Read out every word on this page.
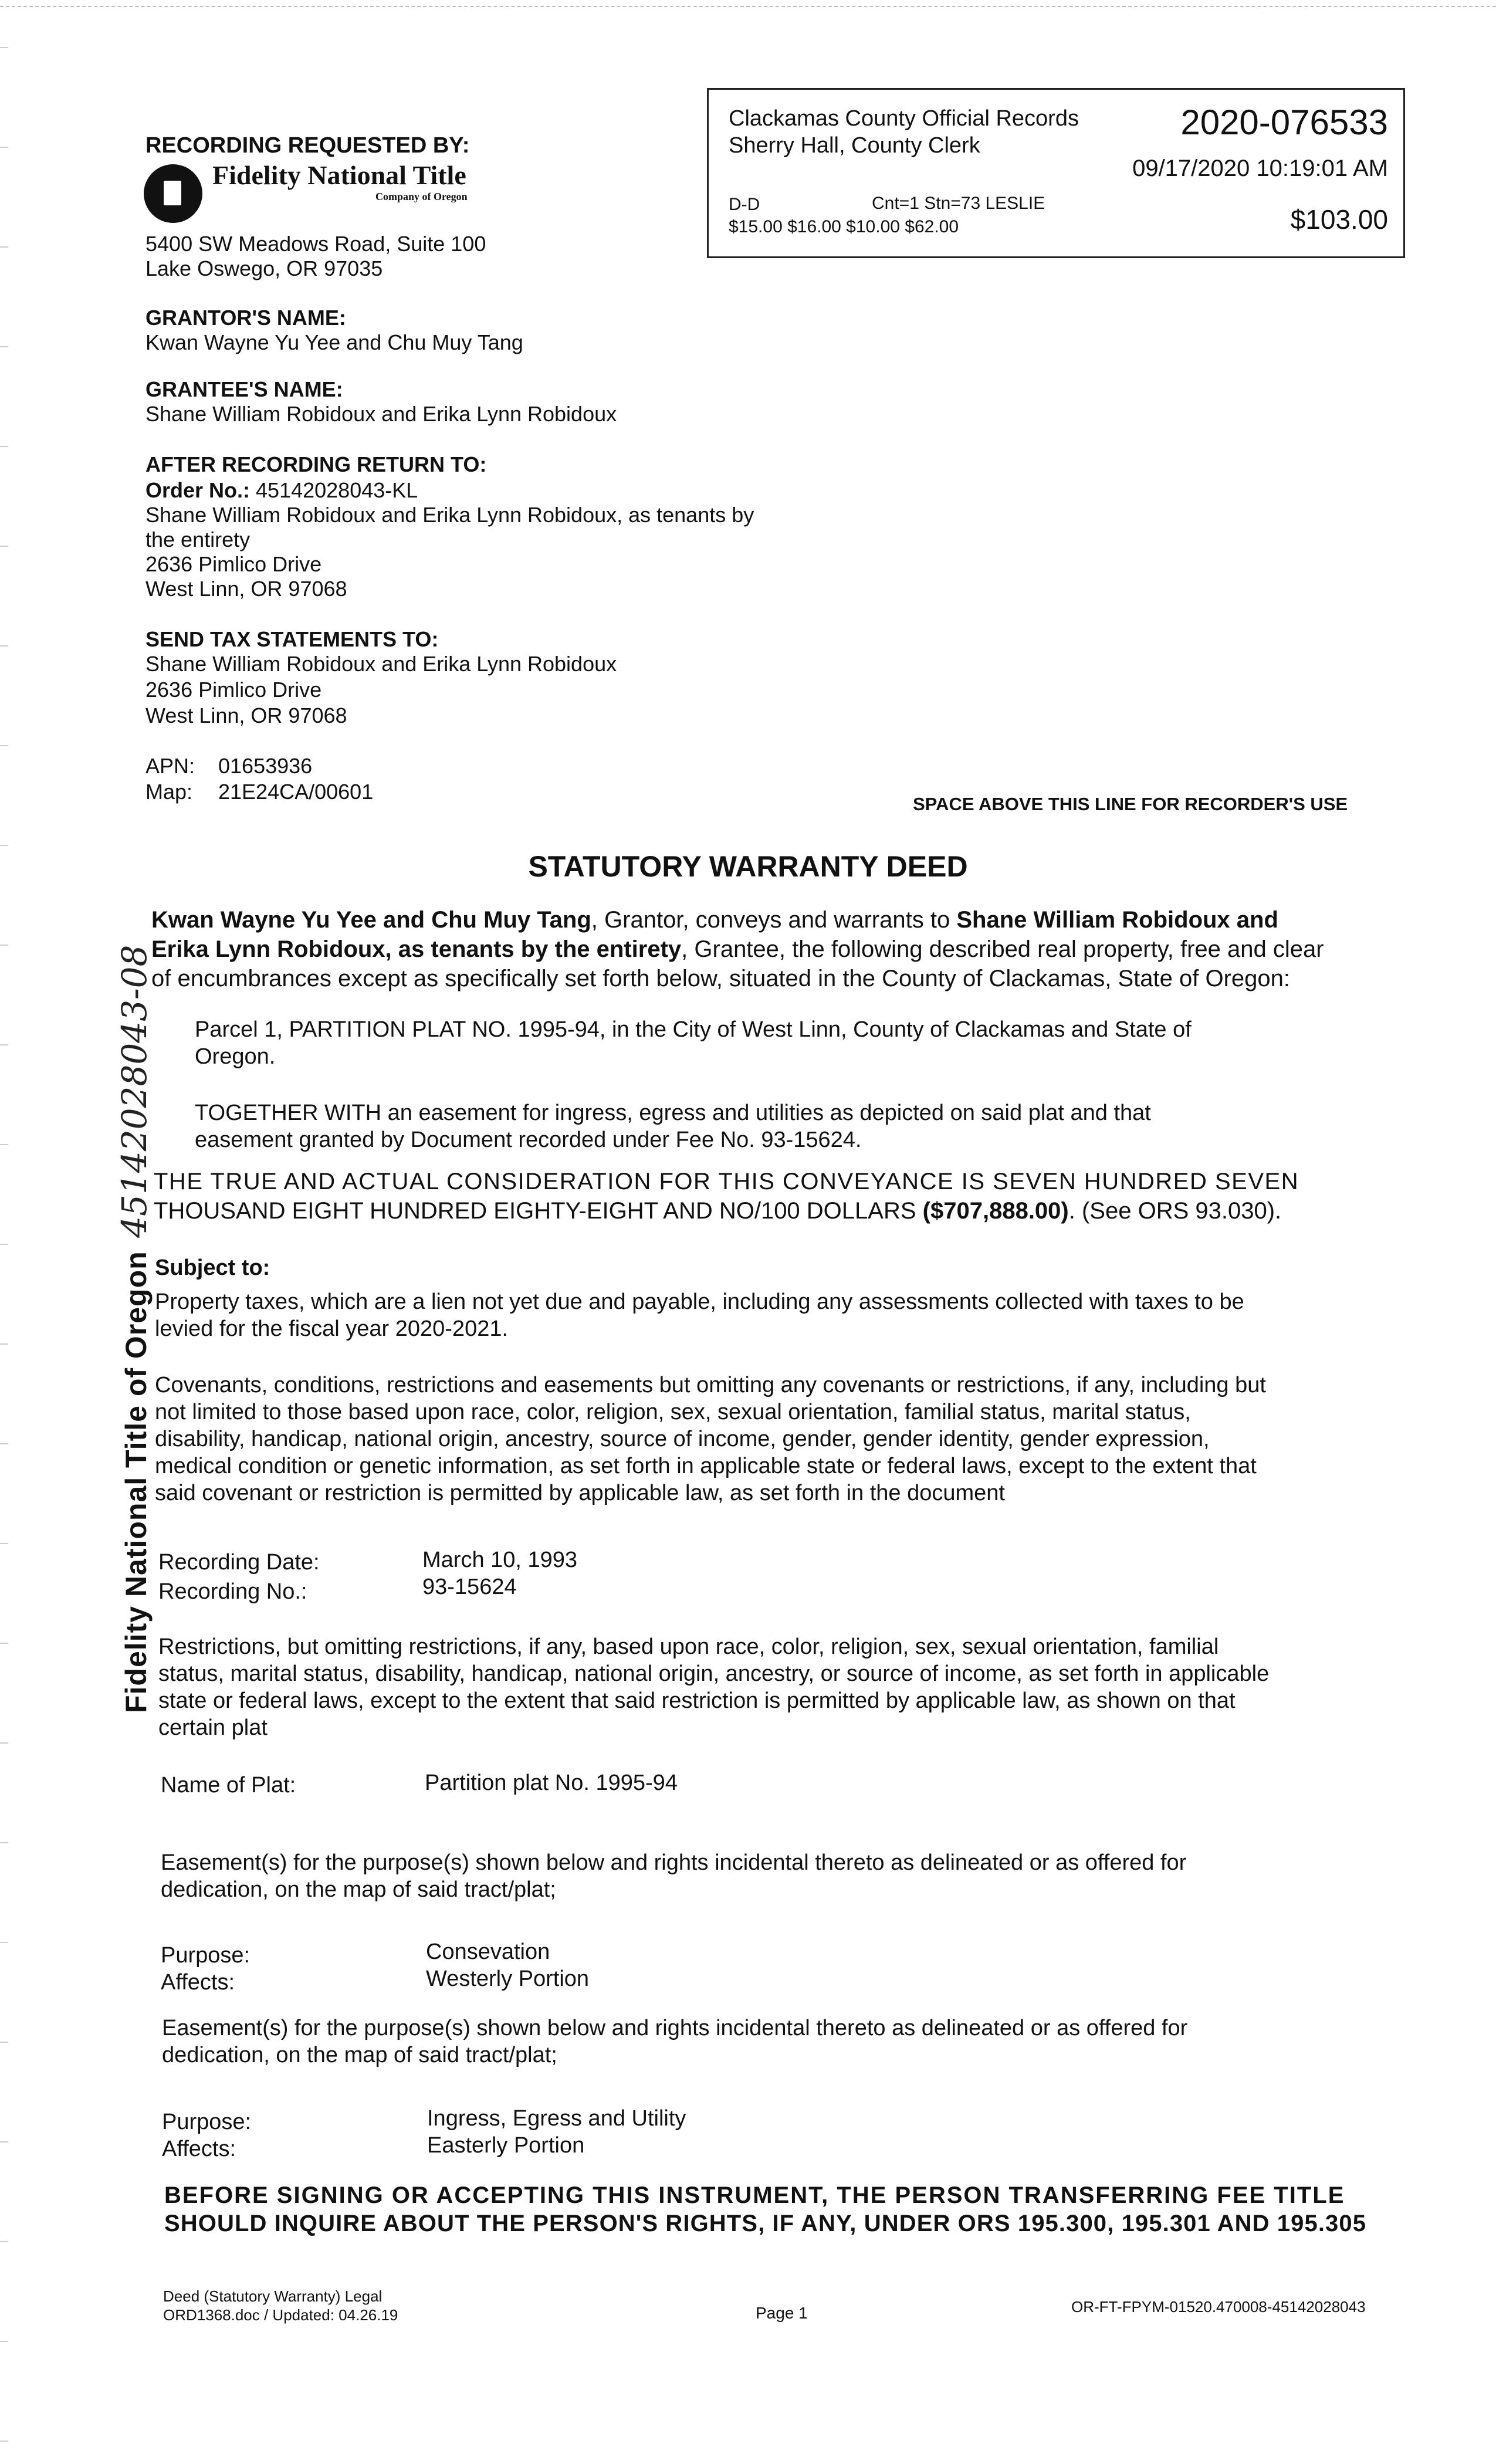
Clackamas County Official Records
Sherry Hall, County Clerk
2020-076533
09/17/2020 10:19:01 AM
D-D	Cnt=1 Stn=73 LESLIE
$15.00 $16.00 $10.00 $62.00	$103.00
RECORDING REQUESTED BY:
Fidelity National Title
Company of Oregon
5400 SW Meadows Road, Suite 100
Lake Oswego, OR 97035
GRANTOR'S NAME:
Kwan Wayne Yu Yee and Chu Muy Tang
GRANTEE'S NAME:
Shane William Robidoux and Erika Lynn Robidoux
AFTER RECORDING RETURN TO:
Order No.: 45142028043-KL
Shane William Robidoux and Erika Lynn Robidoux, as tenants by
the entirety
2636 Pimlico Drive
West Linn, OR 97068
SEND TAX STATEMENTS TO:
Shane William Robidoux and Erika Lynn Robidoux
2636 Pimlico Drive
West Linn, OR 97068
APN: 01653936
Map: 21E24CA/00601
SPACE ABOVE THIS LINE FOR RECORDER'S USE
Fidelity National Title of Oregon 45142028043-08
STATUTORY WARRANTY DEED
Kwan Wayne Yu Yee and Chu Muy Tang, Grantor, conveys and warrants to Shane William Robidoux and
Erika Lynn Robidoux, as tenants by the entirety, Grantee, the following described real property, free and clear
of encumbrances except as specifically set forth below, situated in the County of Clackamas, State of Oregon:
Parcel 1, PARTITION PLAT NO. 1995-94, in the City of West Linn, County of Clackamas and State of
Oregon.
TOGETHER WITH an easement for ingress, egress and utilities as depicted on said plat and that
easement granted by Document recorded under Fee No. 93-15624.
THE TRUE AND ACTUAL CONSIDERATION FOR THIS CONVEYANCE IS SEVEN HUNDRED SEVEN
THOUSAND EIGHT HUNDRED EIGHTY-EIGHT AND NO/100 DOLLARS ($707,888.00). (See ORS 93.030).
Subject to:
Property taxes, which are a lien not yet due and payable, including any assessments collected with taxes to be
levied for the fiscal year 2020-2021.
Covenants, conditions, restrictions and easements but omitting any covenants or restrictions, if any, including but
not limited to those based upon race, color, religion, sex, sexual orientation, familial status, marital status,
disability, handicap, national origin, ancestry, source of income, gender, gender identity, gender expression,
medical condition or genetic information, as set forth in applicable state or federal laws, except to the extent that
said covenant or restriction is permitted by applicable law, as set forth in the document
Recording Date:	March 10, 1993
Recording No.:	93-15624
Restrictions, but omitting restrictions, if any, based upon race, color, religion, sex, sexual orientation, familial
status, marital status, disability, handicap, national origin, ancestry, or source of income, as set forth in applicable
state or federal laws, except to the extent that said restriction is permitted by applicable law, as shown on that
certain plat
Name of Plat:	Partition plat No. 1995-94
Easement(s) for the purpose(s) shown below and rights incidental thereto as delineated or as offered for
dedication, on the map of said tract/plat;
Purpose:	Consevation
Affects:	Westerly Portion
Easement(s) for the purpose(s) shown below and rights incidental thereto as delineated or as offered for
dedication, on the map of said tract/plat;
Purpose:	Ingress, Egress and Utility
Affects:	Easterly Portion
BEFORE SIGNING OR ACCEPTING THIS INSTRUMENT, THE PERSON TRANSFERRING FEE TITLE
SHOULD INQUIRE ABOUT THE PERSON'S RIGHTS, IF ANY, UNDER ORS 195.300, 195.301 AND 195.305
Deed (Statutory Warranty) Legal
ORD1368.doc / Updated: 04.26.19	Page 1	OR-FT-FPYM-01520.470008-45142028043
